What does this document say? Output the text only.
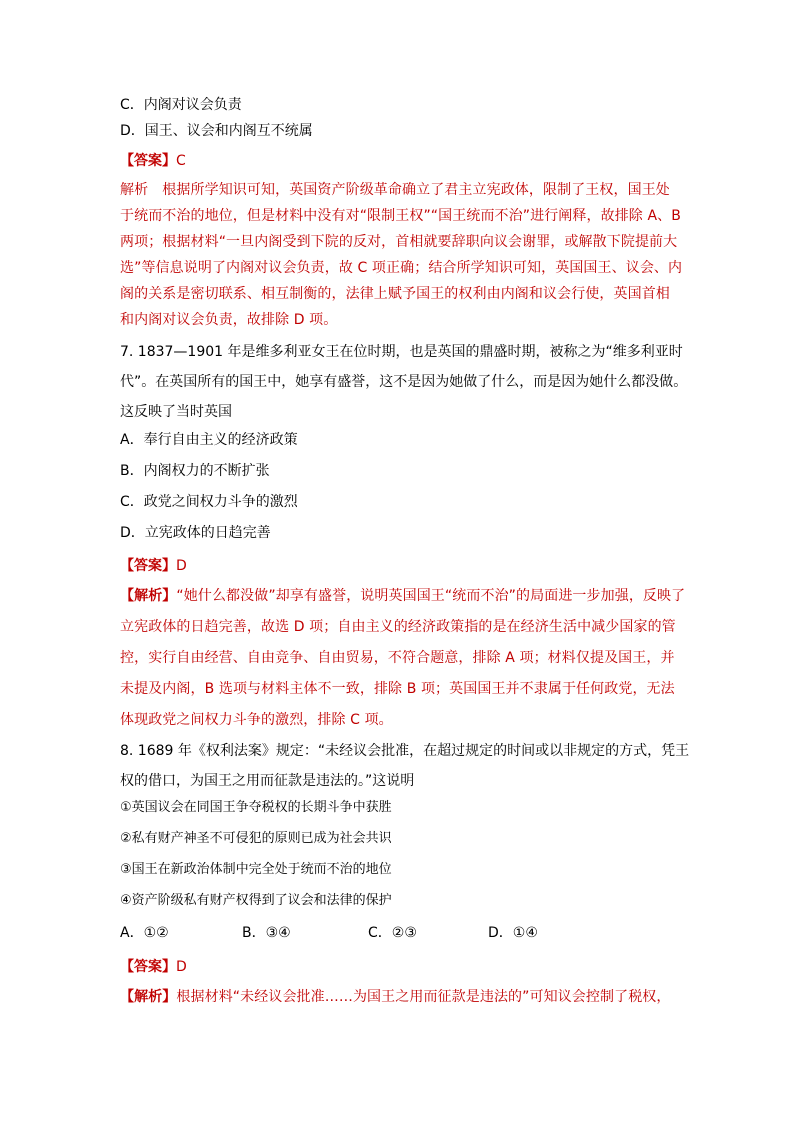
C．内阁对议会负责
D．国王、议会和内阁互不统属
【答案】C
解析　根据所学知识可知，英国资产阶级革命确立了君主立宪政体，限制了王权，国王处
于统而不治的地位，但是材料中没有对“限制王权”“国王统而不治”进行阐释，故排除 A、B
两项；根据材料“一旦内阁受到下院的反对，首相就要辞职向议会谢罪，或解散下院提前大
选”等信息说明了内阁对议会负责，故 C 项正确；结合所学知识可知，英国国王、议会、内
阁的关系是密切联系、相互制衡的，法律上赋予国王的权利由内阁和议会行使，英国首相
和内阁对议会负责，故排除 D 项。
7. 1837—1901 年是维多利亚女王在位时期，也是英国的鼎盛时期，被称之为“维多利亚时
代”。在英国所有的国王中，她享有盛誉，这不是因为她做了什么，而是因为她什么都没做。
这反映了当时英国
A．奉行自由主义的经济政策
B．内阁权力的不断扩张
C．政党之间权力斗争的激烈
D．立宪政体的日趋完善
【答案】D
【解析】“她什么都没做”却享有盛誉，说明英国国王“统而不治”的局面进一步加强，反映了
立宪政体的日趋完善，故选 D 项；自由主义的经济政策指的是在经济生活中减少国家的管
控，实行自由经营、自由竞争、自由贸易，不符合题意，排除 A 项；材料仅提及国王，并
未提及内阁，B 选项与材料主体不一致，排除 B 项；英国国王并不隶属于任何政党，无法
体现政党之间权力斗争的激烈，排除 C 项。
8. 1689 年《权利法案》规定：“未经议会批准，在超过规定的时间或以非规定的方式，凭王
权的借口，为国王之用而征款是违法的。”这说明
①英国议会在同国王争夺税权的长期斗争中获胜
②私有财产神圣不可侵犯的原则已成为社会共识
③国王在新政治体制中完全处于统而不治的地位
④资产阶级私有财产权得到了议会和法律的保护
A．①②	B．③④	C．②③	D．①④
【答案】D
【解析】根据材料“未经议会批准……为国王之用而征款是违法的”可知议会控制了税权，
